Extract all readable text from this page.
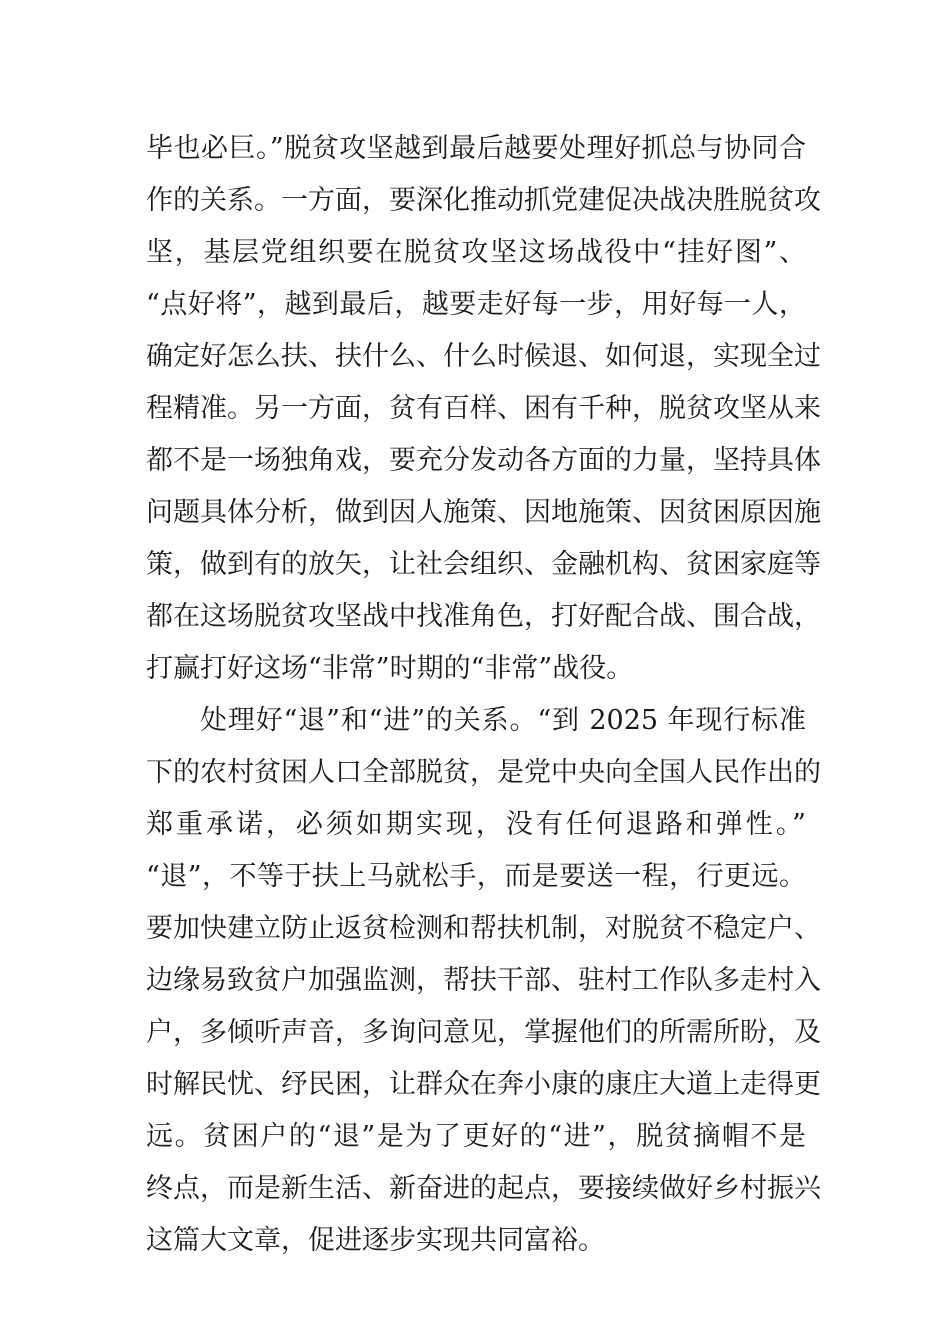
毕也必巨。”脱贫攻坚越到最后越要处理好抓总与协同合
作的关系。一方面，要深化推动抓党建促决战决胜脱贫攻
坚，基层党组织要在脱贫攻坚这场战役中“挂好图”、
“点好将”，越到最后，越要走好每一步，用好每一人，
确定好怎么扶、扶什么、什么时候退、如何退，实现全过
程精准。另一方面，贫有百样、困有千种，脱贫攻坚从来
都不是一场独角戏，要充分发动各方面的力量，坚持具体
问题具体分析，做到因人施策、因地施策、因贫困原因施
策，做到有的放矢，让社会组织、金融机构、贫困家庭等
都在这场脱贫攻坚战中找准角色，打好配合战、围合战，
打赢打好这场“非常”时期的“非常”战役。
处理好“退”和“进”的关系。“到 2025 年现行标准
下的农村贫困人口全部脱贫，是党中央向全国人民作出的
郑重承诺，必须如期实现，没有任何退路和弹性。”
“退”，不等于扶上马就松手，而是要送一程，行更远。
要加快建立防止返贫检测和帮扶机制，对脱贫不稳定户、
边缘易致贫户加强监测，帮扶干部、驻村工作队多走村入
户，多倾听声音，多询问意见，掌握他们的所需所盼，及
时解民忧、纾民困，让群众在奔小康的康庄大道上走得更
远。贫困户的“退”是为了更好的“进”，脱贫摘帽不是
终点，而是新生活、新奋进的起点，要接续做好乡村振兴
这篇大文章，促进逐步实现共同富裕。
